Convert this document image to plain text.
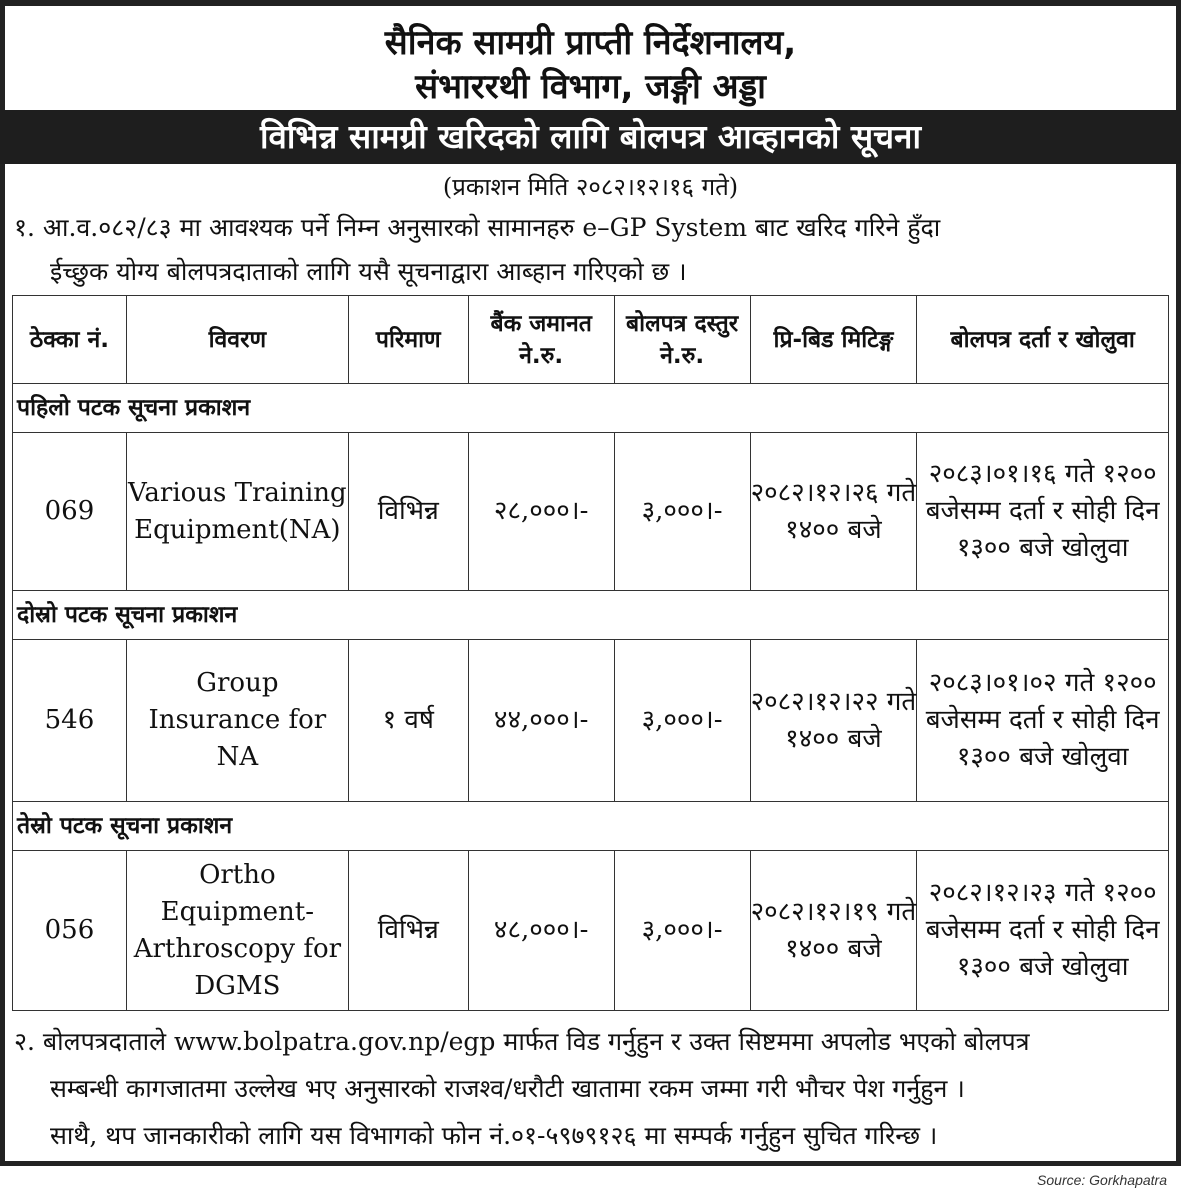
सैनिक सामग्री प्राप्ती निर्देशनालय,
संभाररथी विभाग, जङ्गी अड्डा
विभिन्न सामग्री खरिदको लागि बोलपत्र आव्हानको सूचना
(प्रकाशन मिति २०८२।१२।१६ गते)
१. आ.व.०८२/८३ मा आवश्यक पर्ने निम्न अनुसारको सामानहरु e–GP System बाट खरिद गरिने हुँदा
ईच्छुक योग्य बोलपत्रदाताको लागि यसै सूचनाद्वारा आब्हान गरिएको छ ।
ठेक्का नं.	विवरण	परिमाण	बैंक जमानत ने.रु.	बोलपत्र दस्तुर ने.रु.	प्रि-बिड मिटिङ्ग	बोलपत्र दर्ता र खोलुवा
पहिलो पटक सूचना प्रकाशन						
069	Various Training Equipment(NA)	विभिन्न	२८,०००।-	३,०००।-	२०८२।१२।२६ गते १४०० बजे	२०८३।०१।१६ गते १२०० बजेसम्म दर्ता र सोही दिन १३०० बजे खोलुवा
दोस्रो पटक सूचना प्रकाशन						
546	Group Insurance for NA	१ वर्ष	४४,०००।-	३,०००।-	२०८२।१२।२२ गते १४०० बजे	२०८३।०१।०२ गते १२०० बजेसम्म दर्ता र सोही दिन १३०० बजे खोलुवा
तेस्रो पटक सूचना प्रकाशन						
056	Ortho Equipment-Arthroscopy for DGMS	विभिन्न	४८,०००।-	३,०००।-	२०८२।१२।१९ गते १४०० बजे	२०८२।१२।२३ गते १२०० बजेसम्म दर्ता र सोही दिन १३०० बजे खोलुवा
२. बोलपत्रदाताले www.bolpatra.gov.np/egp मार्फत विड गर्नुहुन र उक्त सिष्टममा अपलोड भएको बोलपत्र
सम्बन्धी कागजातमा उल्लेख भए अनुसारको राजश्व/धरौटी खातामा रकम जम्मा गरी भौचर पेश गर्नुहुन ।
साथै, थप जानकारीको लागि यस विभागको फोन नं.०१-५९७९१२६ मा सम्पर्क गर्नुहुन सुचित गरिन्छ ।
Source: Gorkhapatra
